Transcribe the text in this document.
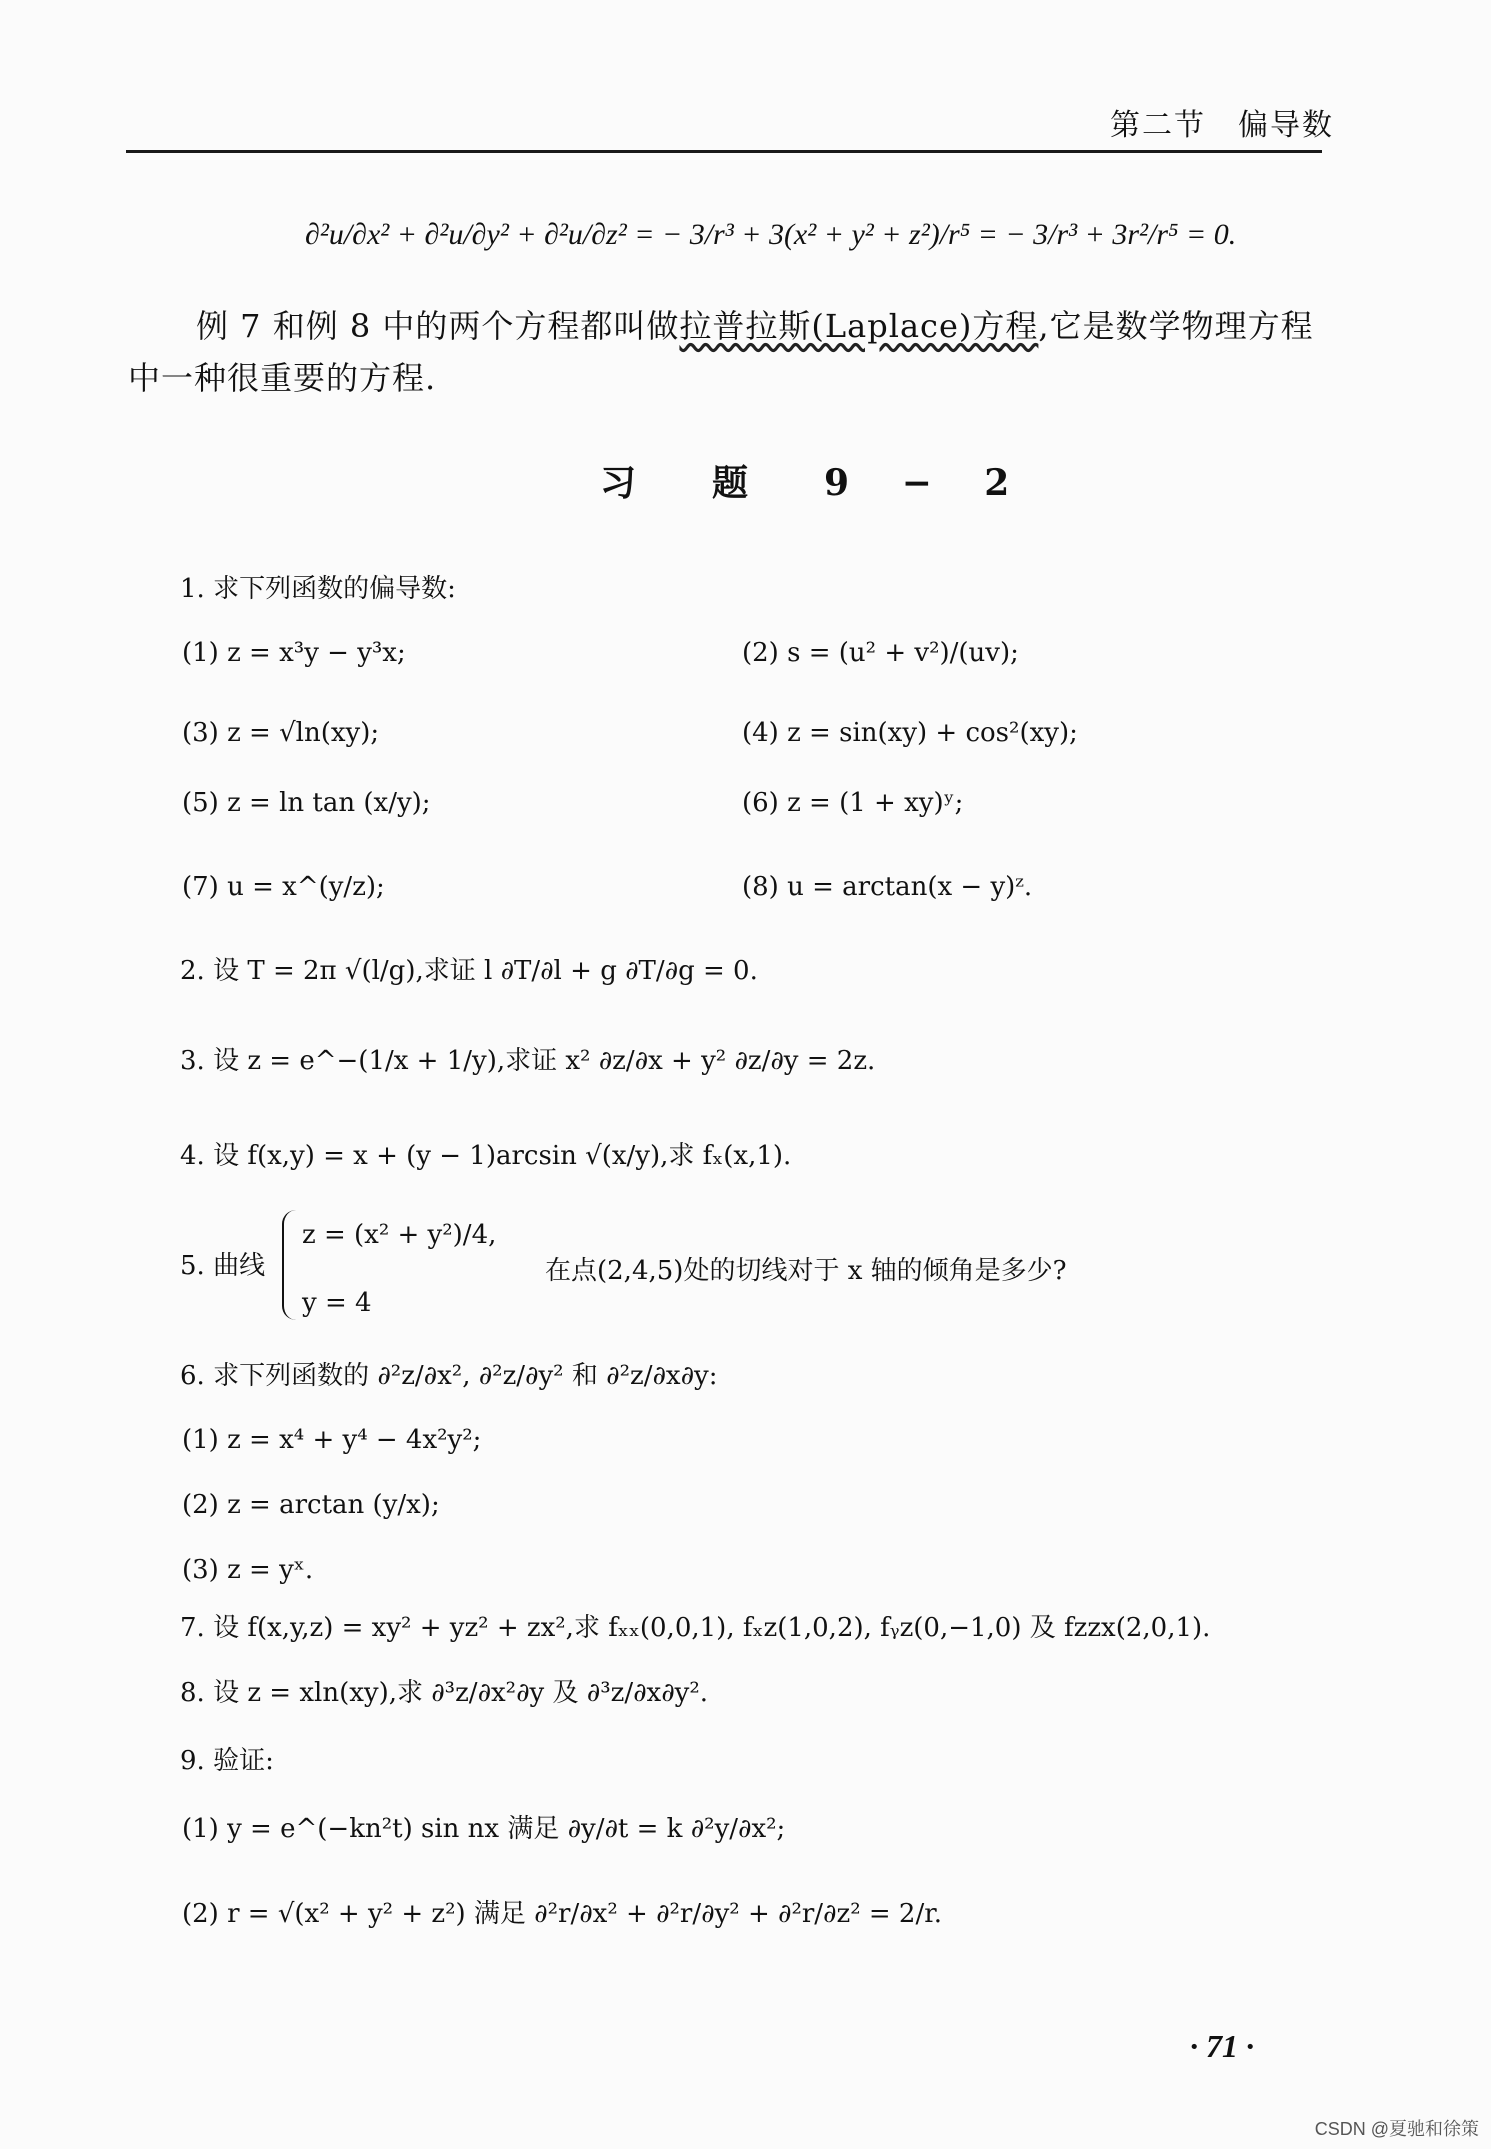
第二节　偏导数
∂²u/∂x² + ∂²u/∂y² + ∂²u/∂z² = − 3/r³ + 3(x² + y² + z²)/r⁵ = − 3/r³ + 3r²/r⁵ = 0.
例 7 和例 8 中的两个方程都叫做拉普拉斯(Laplace)方程,它是数学物理方程中一种很重要的方程.
习　题　9 − 2
1. 求下列函数的偏导数:
(1) z = x³y − y³x;	(2) s = (u² + v²)/(uv);
(3) z = √ln(xy);	(4) z = sin(xy) + cos²(xy);
(5) z = ln tan (x/y);	(6) z = (1 + xy)ʸ;
(7) u = x^(y/z);	(8) u = arctan(x − y)ᶻ.
2. 设 T = 2π √(l/g),求证 l ∂T/∂l + g ∂T/∂g = 0.
3. 设 z = e^−(1/x + 1/y),求证 x² ∂z/∂x + y² ∂z/∂y = 2z.
4. 设 f(x,y) = x + (y − 1)arcsin √(x/y),求 fₓ(x,1).
5. 曲线
z = (x² + y²)/4,
y = 4
在点(2,4,5)处的切线对于 x 轴的倾角是多少?
6. 求下列函数的 ∂²z/∂x², ∂²z/∂y² 和 ∂²z/∂x∂y:
(1) z = x⁴ + y⁴ − 4x²y²;
(2) z = arctan (y/x);
(3) z = yˣ.
7. 设 f(x,y,z) = xy² + yz² + zx²,求 fₓₓ(0,0,1), fₓz(1,0,2), fᵧz(0,−1,0) 及 fzzx(2,0,1).
8. 设 z = xln(xy),求 ∂³z/∂x²∂y 及 ∂³z/∂x∂y².
9. 验证:
(1) y = e^(−kn²t) sin nx 满足 ∂y/∂t = k ∂²y/∂x²;
(2) r = √(x² + y² + z²) 满足 ∂²r/∂x² + ∂²r/∂y² + ∂²r/∂z² = 2/r.
· 71 ·
CSDN @夏驰和徐策
